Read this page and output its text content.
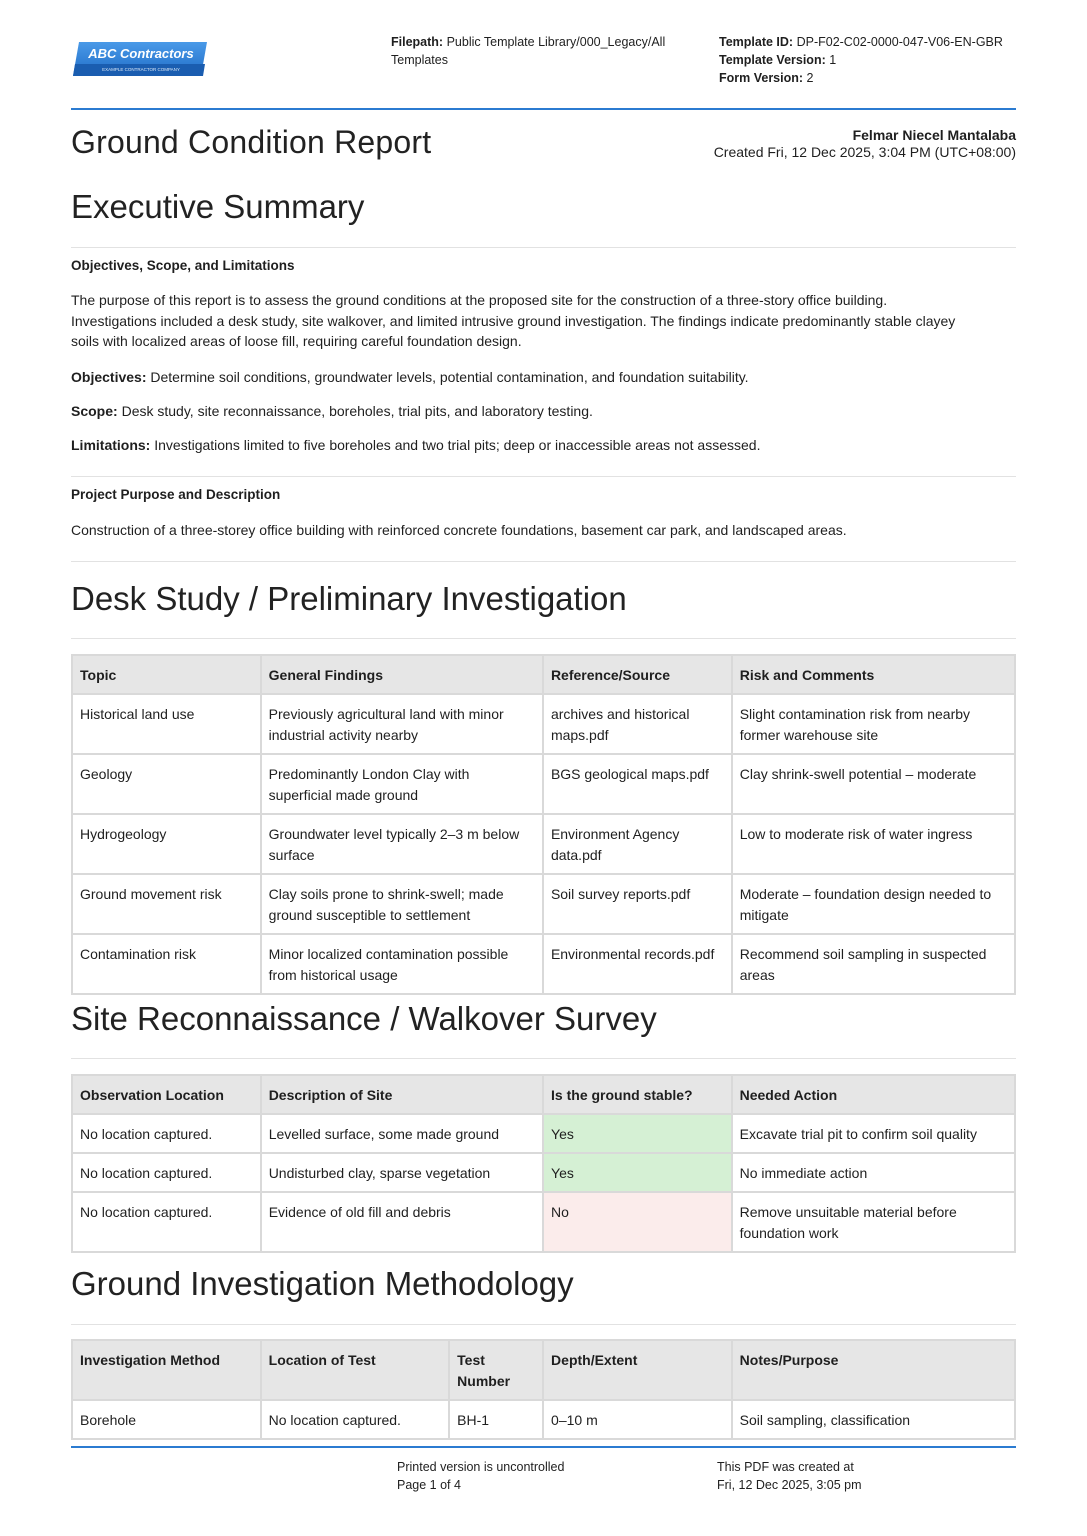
ABC Contractors
EXAMPLE CONTRACTOR COMPANY
Filepath: Public Template Library/000_Legacy/All
Templates
Template ID: DP-F02-C02-0000-047-V06-EN-GBR
Template Version: 1
Form Version: 2
Ground Condition Report	Felmar Niecel Mantalaba
Created Fri, 12 Dec 2025, 3:04 PM (UTC+08:00)
Executive Summary
Objectives, Scope, and Limitations
The purpose of this report is to assess the ground conditions at the proposed site for the construction of a three-story office building.
Investigations included a desk study, site walkover, and limited intrusive ground investigation. The findings indicate predominantly stable clayey
soils with localized areas of loose fill, requiring careful foundation design.

Objectives: Determine soil conditions, groundwater levels, potential contamination, and foundation suitability.

Scope: Desk study, site reconnaissance, boreholes, trial pits, and laboratory testing.

Limitations: Investigations limited to five boreholes and two trial pits; deep or inaccessible areas not assessed.

Project Purpose and Description

Construction of a three-storey office building with reinforced concrete foundations, basement car park, and landscaped areas.

Desk Study / Preliminary Investigation
Topic	General Findings	Reference/Source	Risk and Comments
Historical land use	Previously agricultural land with minor industrial activity nearby	archives and historical maps.pdf	Slight contamination risk from nearby former warehouse site
Geology	Predominantly London Clay with superficial made ground	BGS geological maps.pdf	Clay shrink-swell potential – moderate
Hydrogeology	Groundwater level typically 2–3 m below surface	Environment Agency data.pdf	Low to moderate risk of water ingress
Ground movement risk	Clay soils prone to shrink-swell; made ground susceptible to settlement	Soil survey reports.pdf	Moderate – foundation design needed to mitigate
Contamination risk	Minor localized contamination possible from historical usage	Environmental records.pdf	Recommend soil sampling in suspected areas
Site Reconnaissance / Walkover Survey
Observation Location	Description of Site	Is the ground stable?	Needed Action
No location captured.	Levelled surface, some made ground	Yes	Excavate trial pit to confirm soil quality
No location captured.	Undisturbed clay, sparse vegetation	Yes	No immediate action
No location captured.	Evidence of old fill and debris	No	Remove unsuitable material before foundation work
Ground Investigation Methodology
Investigation Method	Location of Test	Test Number	Depth/Extent	Notes/Purpose
Borehole	No location captured.	BH-1	0–10 m	Soil sampling, classification
Printed version is uncontrolled
Page 1 of 4
This PDF was created at
Fri, 12 Dec 2025, 3:05 pm
